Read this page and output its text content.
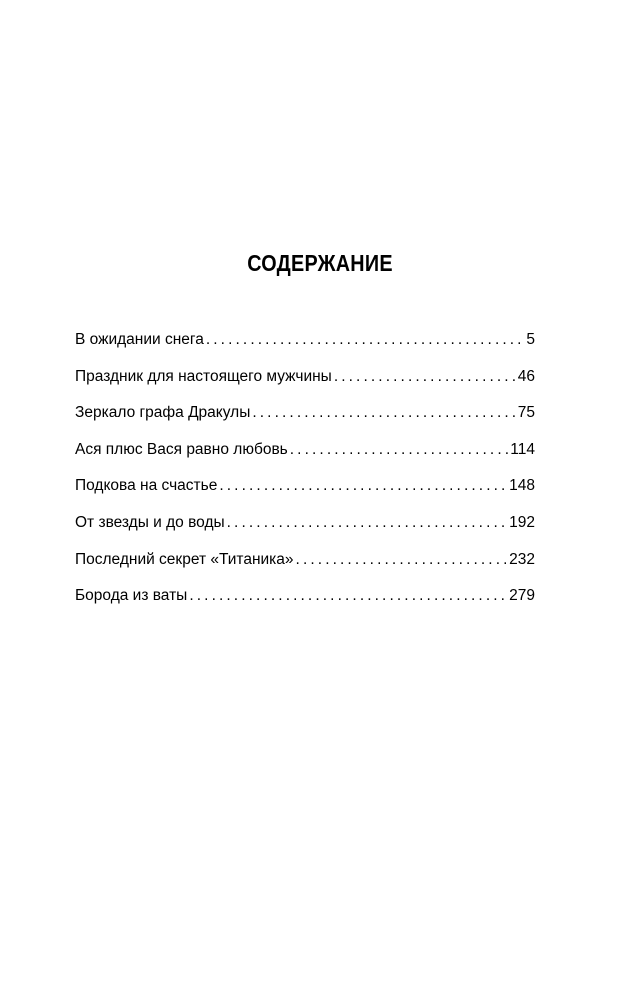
СОДЕРЖАНИЕ
В ожидании снега . . .	5
Праздник для настоящего мужчины . . .	46
Зеркало графа Дракулы . . .	75
Ася плюс Вася равно любовь . . .	114
Подкова на счастье . . .	148
От звезды и до воды . . .	192
Последний секрет «Титаника» . . .	232
Борода из ваты . . .	279
